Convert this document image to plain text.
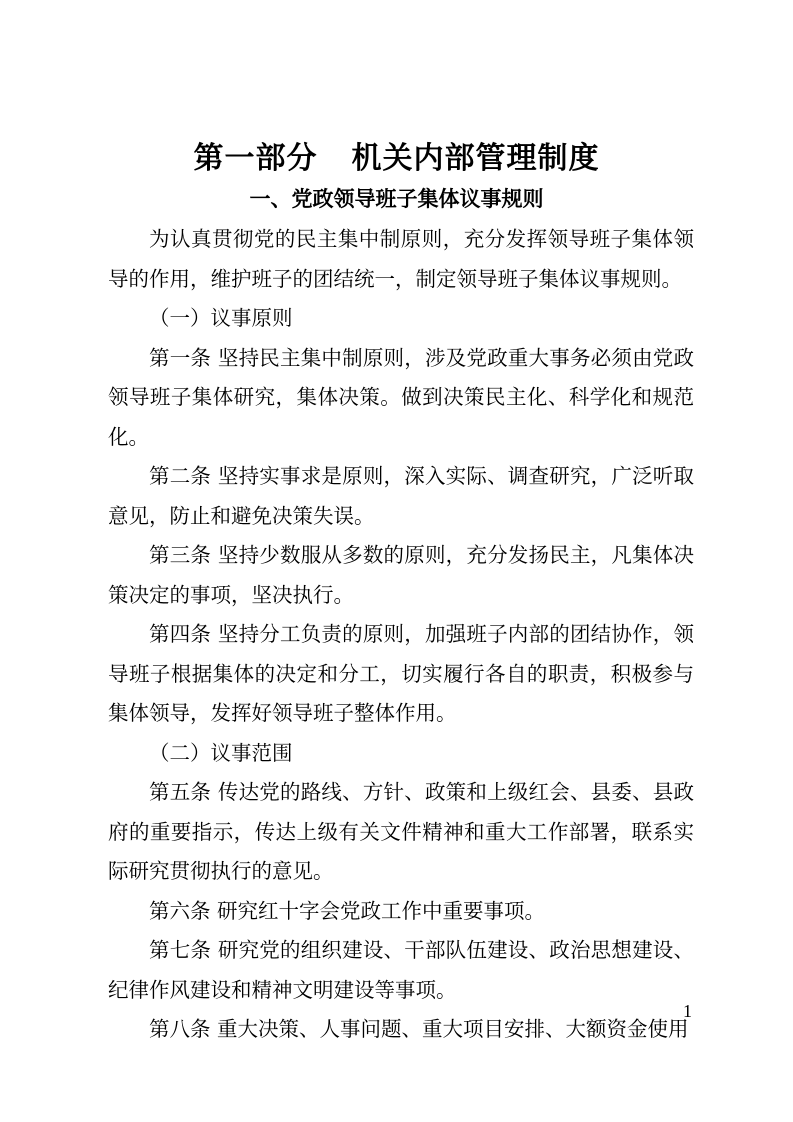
第一部分 机关内部管理制度
一、党政领导班子集体议事规则

为认真贯彻党的民主集中制原则，充分发挥领导班子集体领导的作用，维护班子的团结统一，制定领导班子集体议事规则。

（一）议事原则

第一条 坚持民主集中制原则，涉及党政重大事务必须由党政领导班子集体研究，集体决策。做到决策民主化、科学化和规范化。

第二条 坚持实事求是原则，深入实际、调查研究，广泛听取意见，防止和避免决策失误。

第三条 坚持少数服从多数的原则，充分发扬民主，凡集体决策决定的事项，坚决执行。

第四条 坚持分工负责的原则，加强班子内部的团结协作，领导班子根据集体的决定和分工，切实履行各自的职责，积极参与集体领导，发挥好领导班子整体作用。

（二）议事范围

第五条 传达党的路线、方针、政策和上级红会、县委、县政府的重要指示，传达上级有关文件精神和重大工作部署，联系实际研究贯彻执行的意见。

第六条 研究红十字会党政工作中重要事项。

第七条 研究党的组织建设、干部队伍建设、政治思想建设、纪律作风建设和精神文明建设等事项。

第八条 重大决策、人事问题、重大项目安排、大额资金使用

1
